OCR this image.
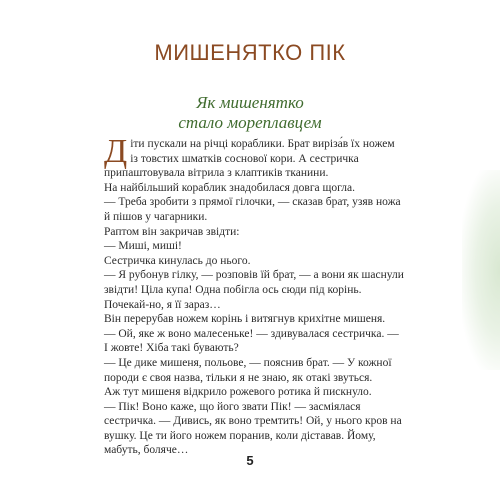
МИШЕНЯТКО ПІК
Як мишенятко
стало мореплавцем

Діти пускали на річці кораблики. Брат виріза́в їх ножем із товстих шматків соснової кори. А сестричка припаштовувала вітрила з клаптиків тканини.

На найбільший кораблик знадобилася довга щогла.
— Треба зробити з прямої гілочки, — сказав брат, узяв ножа й пішов у чагарники.

Раптом він закричав звідти:
— Миші, миші!

Сестричка кинулась до нього.
— Я рубонув гілку, — розповів їй брат, — а вони як шаснули звідти! Ціла купа! Одна побігла ось сюди під корінь. Почекай-но, я її зараз…

Він перерубав ножем корінь і витягнув крихітне мишеня.
— Ой, яке ж воно малесеньке! — здивувалася сестричка. — І жовте! Хіба такі бувають?
— Це дике мишеня, польове, — пояснив брат. — У кожної породи є своя назва, тільки я не знаю, як отакі звуться.

Аж тут мишеня відкрило рожевого ротика й пискнуло.
— Пік! Воно каже, що його звати Пік! — засміялася сестричка. — Дивись, як воно тремтить! Ой, у нього кров на вушку. Це ти його ножем поранив, коли діставав. Йому, мабуть, боляче…

5
